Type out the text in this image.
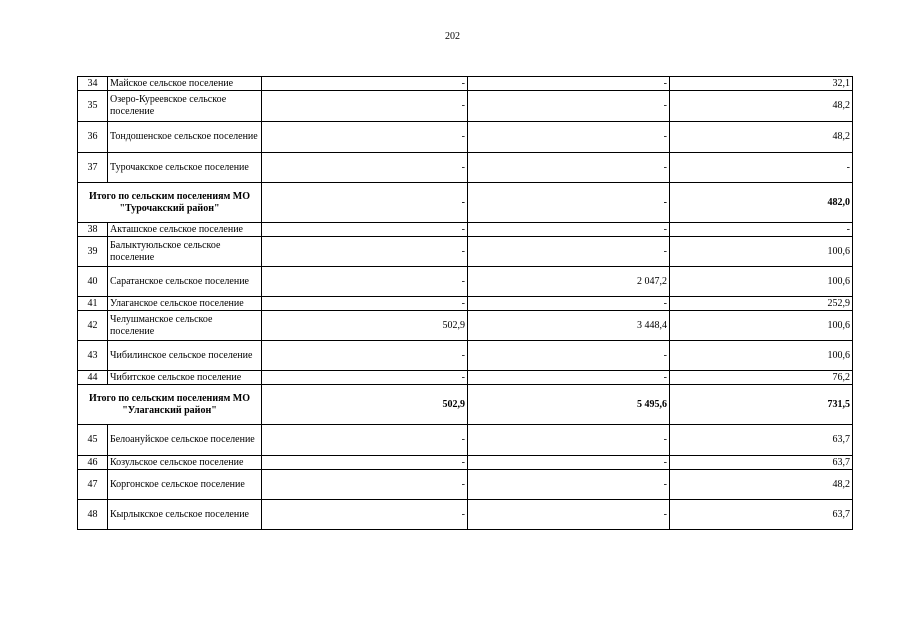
202
34	Майское сельское поселение	-	-	32,1
35	Озеро-Куреевское сельское поселение	-	-	48,2
36	Тондошенское сельское поселение	-	-	48,2
37	Турочакское сельское поселение	-	-	-
Итого по сельским поселениям МО "Турочакский район"		-	-	482,0
38	Акташское сельское поселение	-	-	-
39	Балыктуюльское сельское поселение	-	-	100,6
40	Саратанское сельское поселение	-	2 047,2	100,6
41	Улаганское сельское поселение	-	-	252,9
42	Челушманское сельское поселение	502,9	3 448,4	100,6
43	Чибилинское сельское поселение	-	-	100,6
44	Чибитское сельское поселение	-	-	76,2
Итого по сельским поселениям МО "Улаганский район"		502,9	5 495,6	731,5
45	Белоануйское сельское поселение	-	-	63,7
46	Козульское сельское поселение	-	-	63,7
47	Коргонское сельское поселение	-	-	48,2
48	Кырлыкское сельское поселение	-	-	63,7
